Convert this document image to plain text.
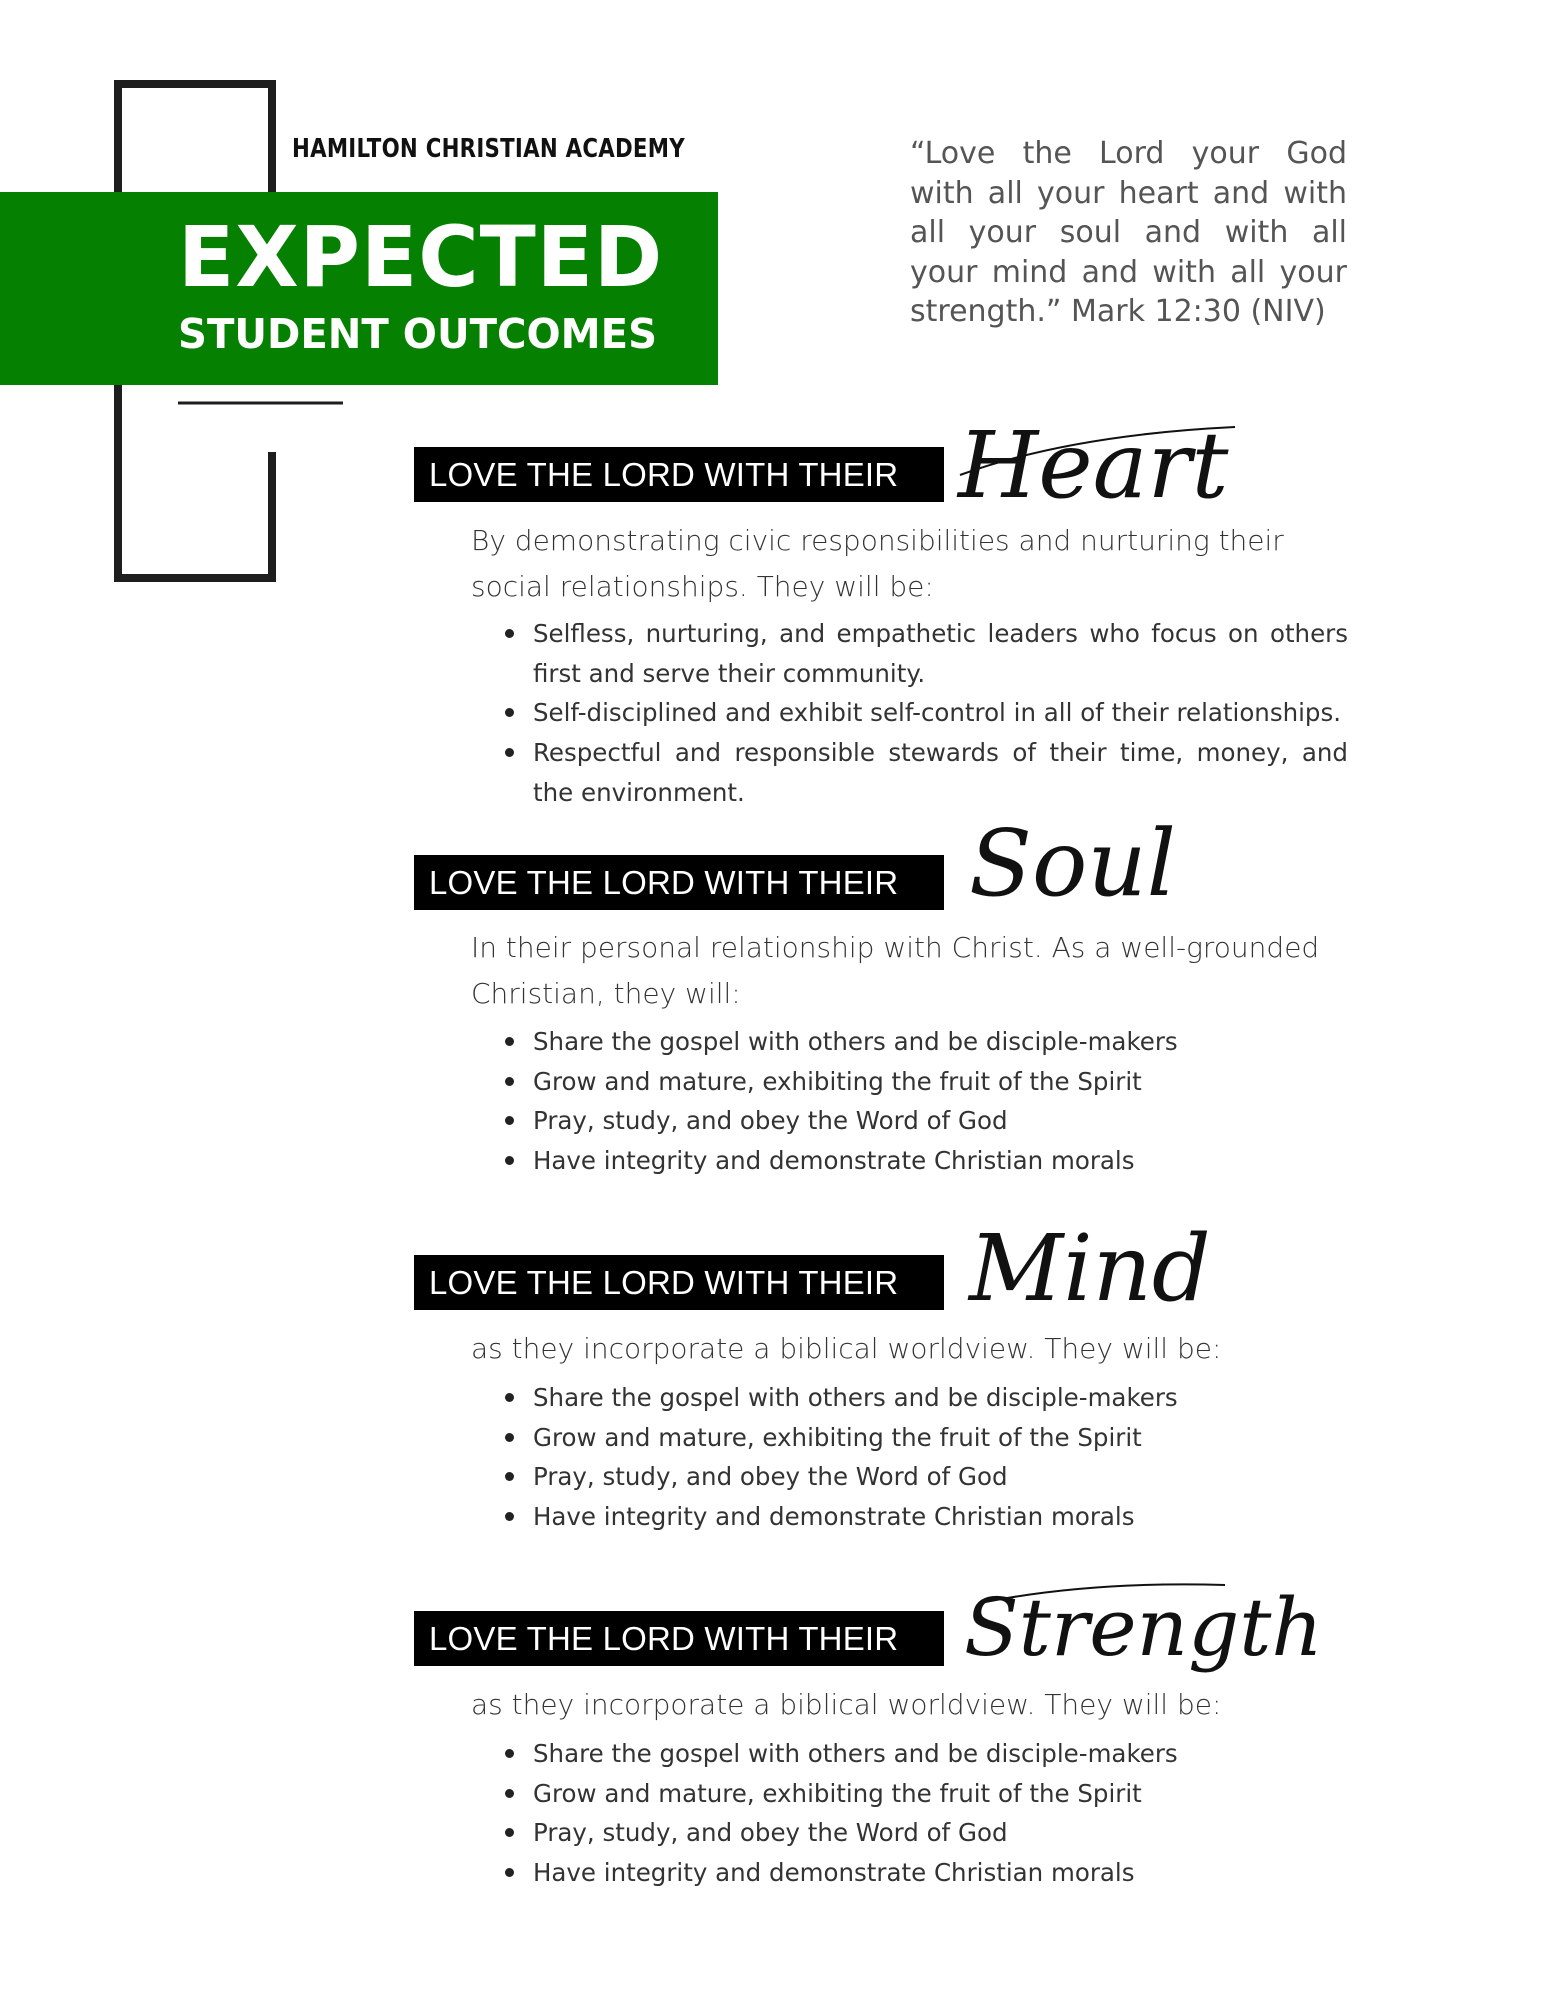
HAMILTON CHRISTIAN ACADEMY
EXPECTED
STUDENT OUTCOMES
“Love the Lord your God with all your heart and with all your soul and with all your mind and with all your strength.” Mark 12:30 (NIV)
LOVE THE LORD WITH THEIR Heart
By demonstrating civic responsibilities and nurturing their social relationships. They will be:
Selfless, nurturing, and empathetic leaders who focus on others first and serve their community.
Self-disciplined and exhibit self-control in all of their relationships.
Respectful and responsible stewards of their time, money, and the environment.
LOVE THE LORD WITH THEIR Soul
In their personal relationship with Christ. As a well-grounded Christian, they will:
Share the gospel with others and be disciple-makers
Grow and mature, exhibiting the fruit of the Spirit
Pray, study, and obey the Word of God
Have integrity and demonstrate Christian morals
LOVE THE LORD WITH THEIR Mind
as they incorporate a biblical worldview. They will be:
Share the gospel with others and be disciple-makers
Grow and mature, exhibiting the fruit of the Spirit
Pray, study, and obey the Word of God
Have integrity and demonstrate Christian morals
LOVE THE LORD WITH THEIR Strength
as they incorporate a biblical worldview. They will be:
Share the gospel with others and be disciple-makers
Grow and mature, exhibiting the fruit of the Spirit
Pray, study, and obey the Word of God
Have integrity and demonstrate Christian morals
